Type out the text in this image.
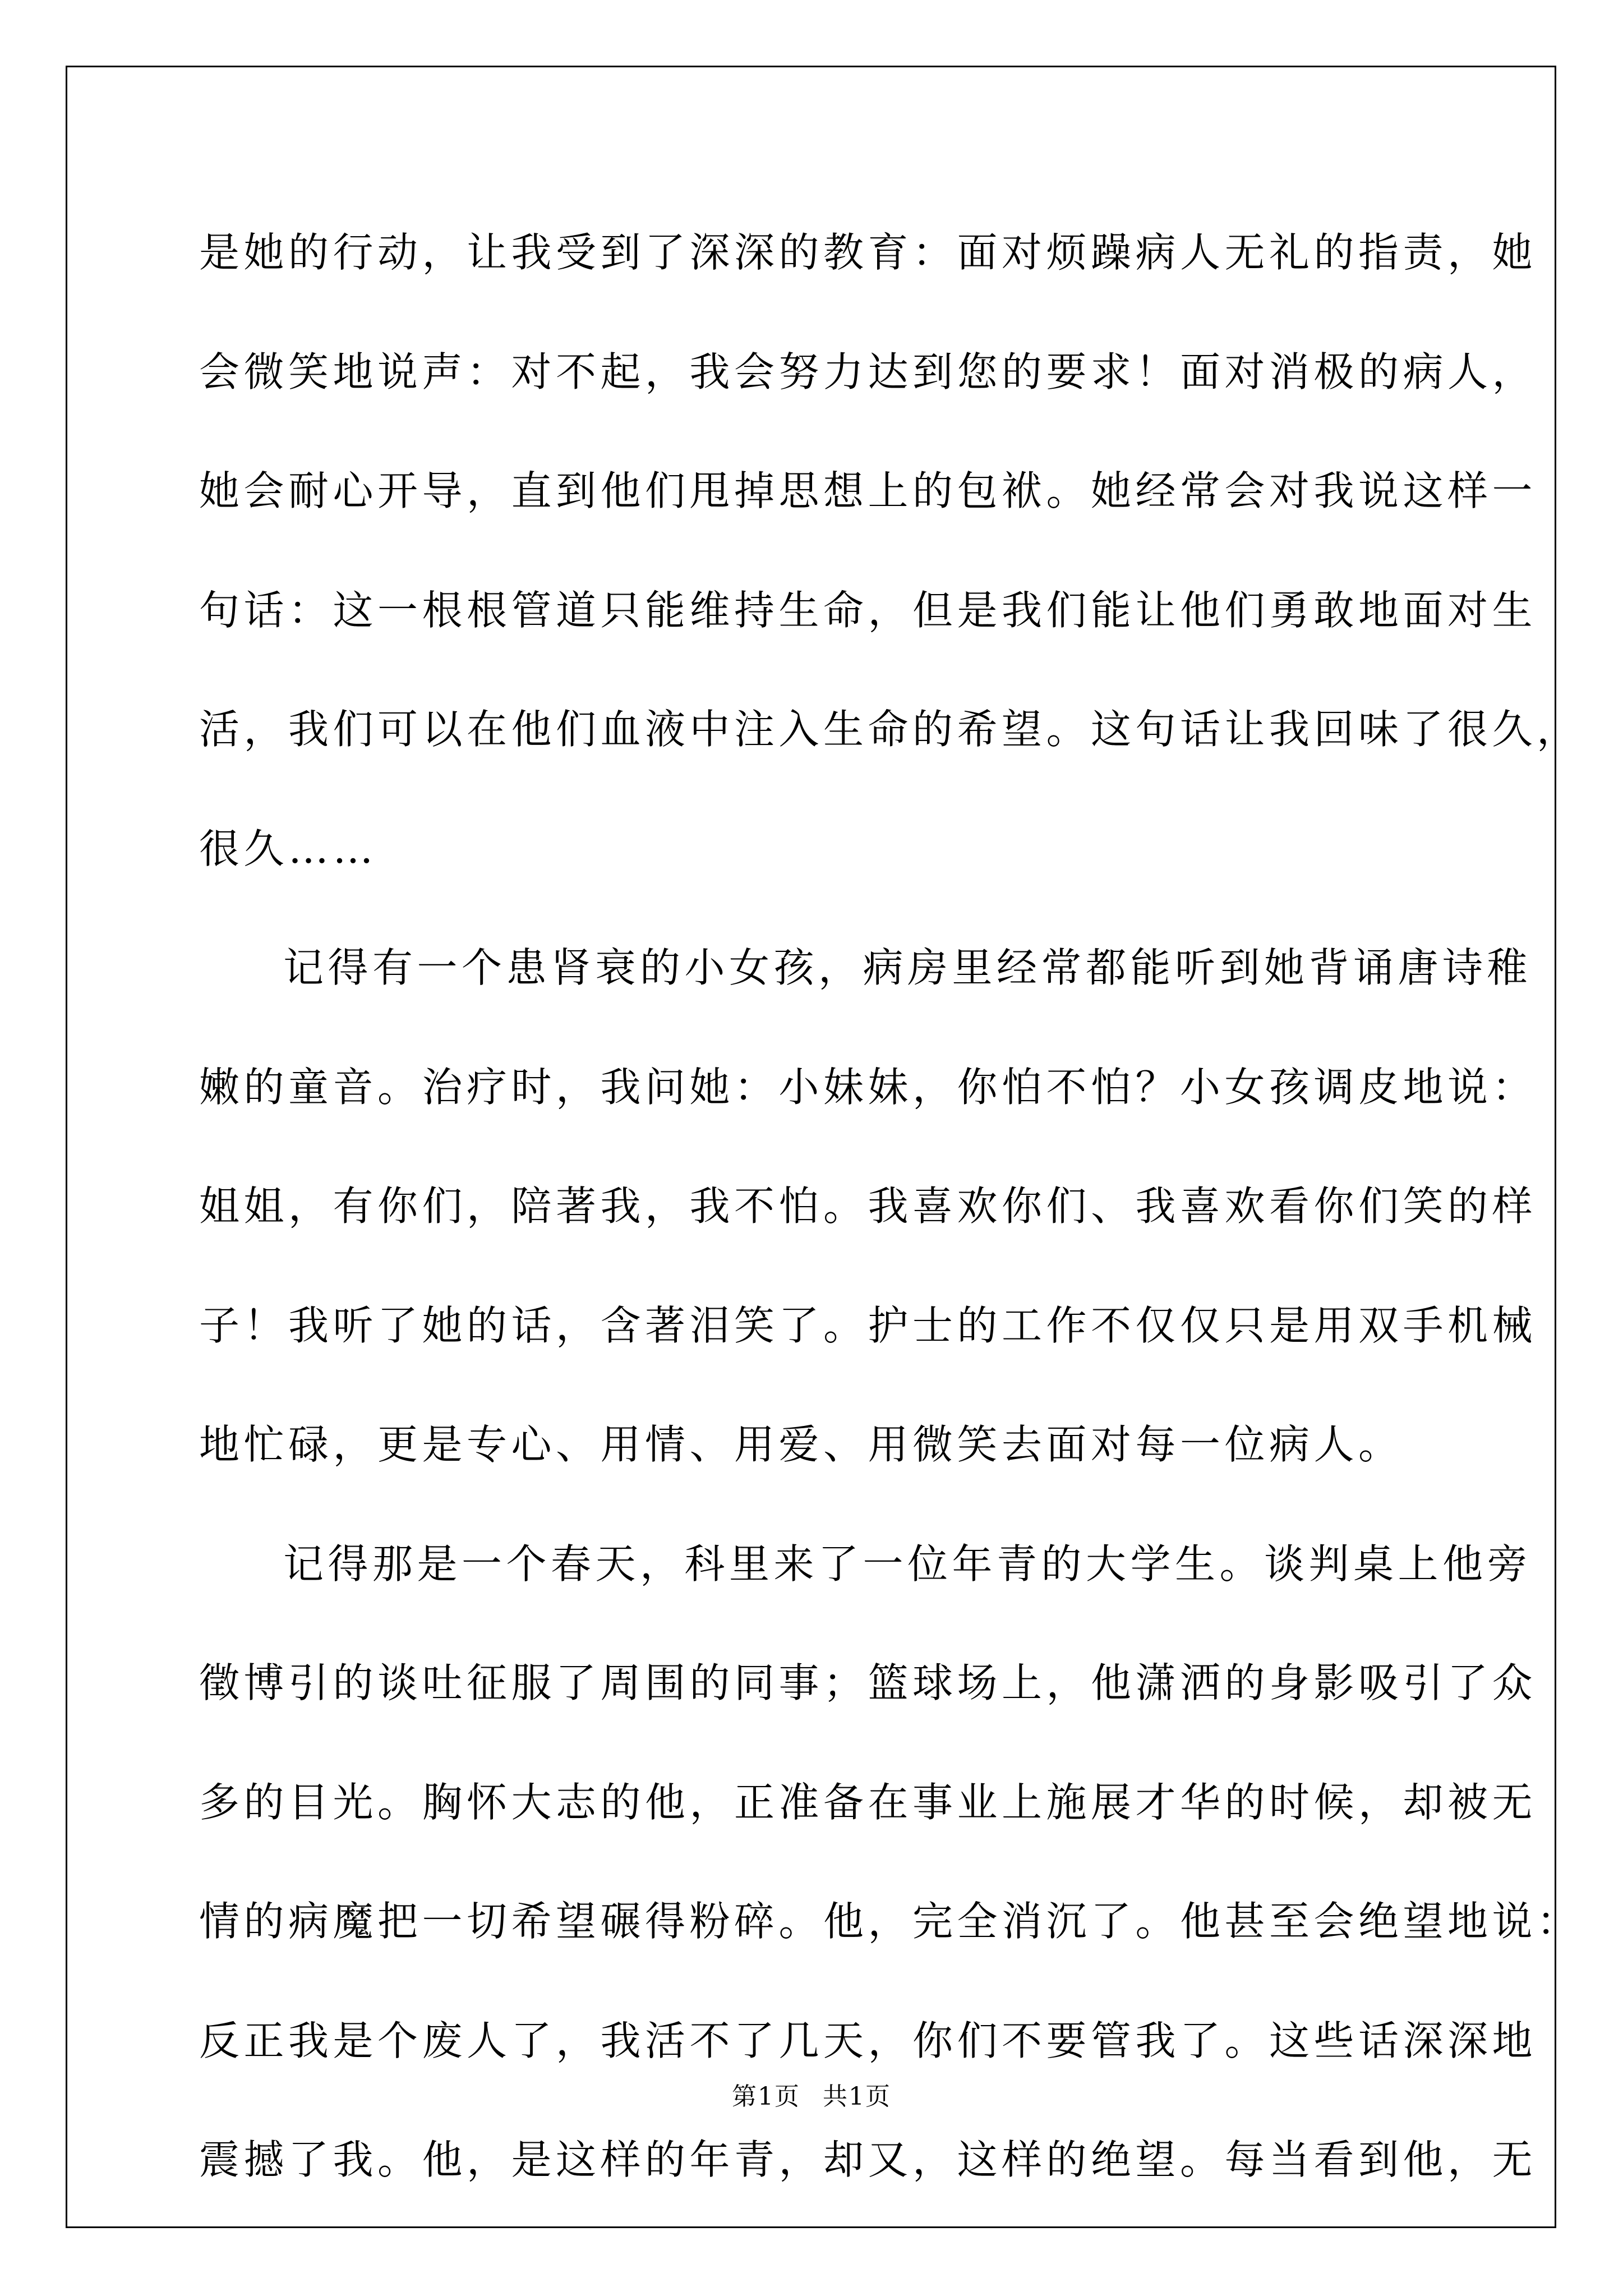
是她的行动，让我受到了深深的教育：面对烦躁病人无礼的指责，她
会微笑地说声：对不起，我会努力达到您的要求！面对消极的病人，
她会耐心开导，直到他们甩掉思想上的包袱。她经常会对我说这样一
句话：这一根根管道只能维持生命，但是我们能让他们勇敢地面对生
活，我们可以在他们血液中注入生命的希望。这句话让我回味了很久，
很久……
记得有一个患肾衰的小女孩，病房里经常都能听到她背诵唐诗稚
嫩的童音。治疗时，我问她：小妹妹，你怕不怕？小女孩调皮地说：
姐姐，有你们，陪著我，我不怕。我喜欢你们、我喜欢看你们笑的样
子！我听了她的话，含著泪笑了。护士的工作不仅仅只是用双手机械
地忙碌，更是专心、用情、用爱、用微笑去面对每一位病人。
记得那是一个春天，科里来了一位年青的大学生。谈判桌上他旁
徵博引的谈吐征服了周围的同事；篮球场上，他潇洒的身影吸引了众
多的目光。胸怀大志的他，正准备在事业上施展才华的时候，却被无
情的病魔把一切希望碾得粉碎。他，完全消沉了。他甚至会绝望地说：
反正我是个废人了，我活不了几天，你们不要管我了。这些话深深地
震撼了我。他，是这样的年青，却又，这样的绝望。每当看到他，无
第1页 共1页
